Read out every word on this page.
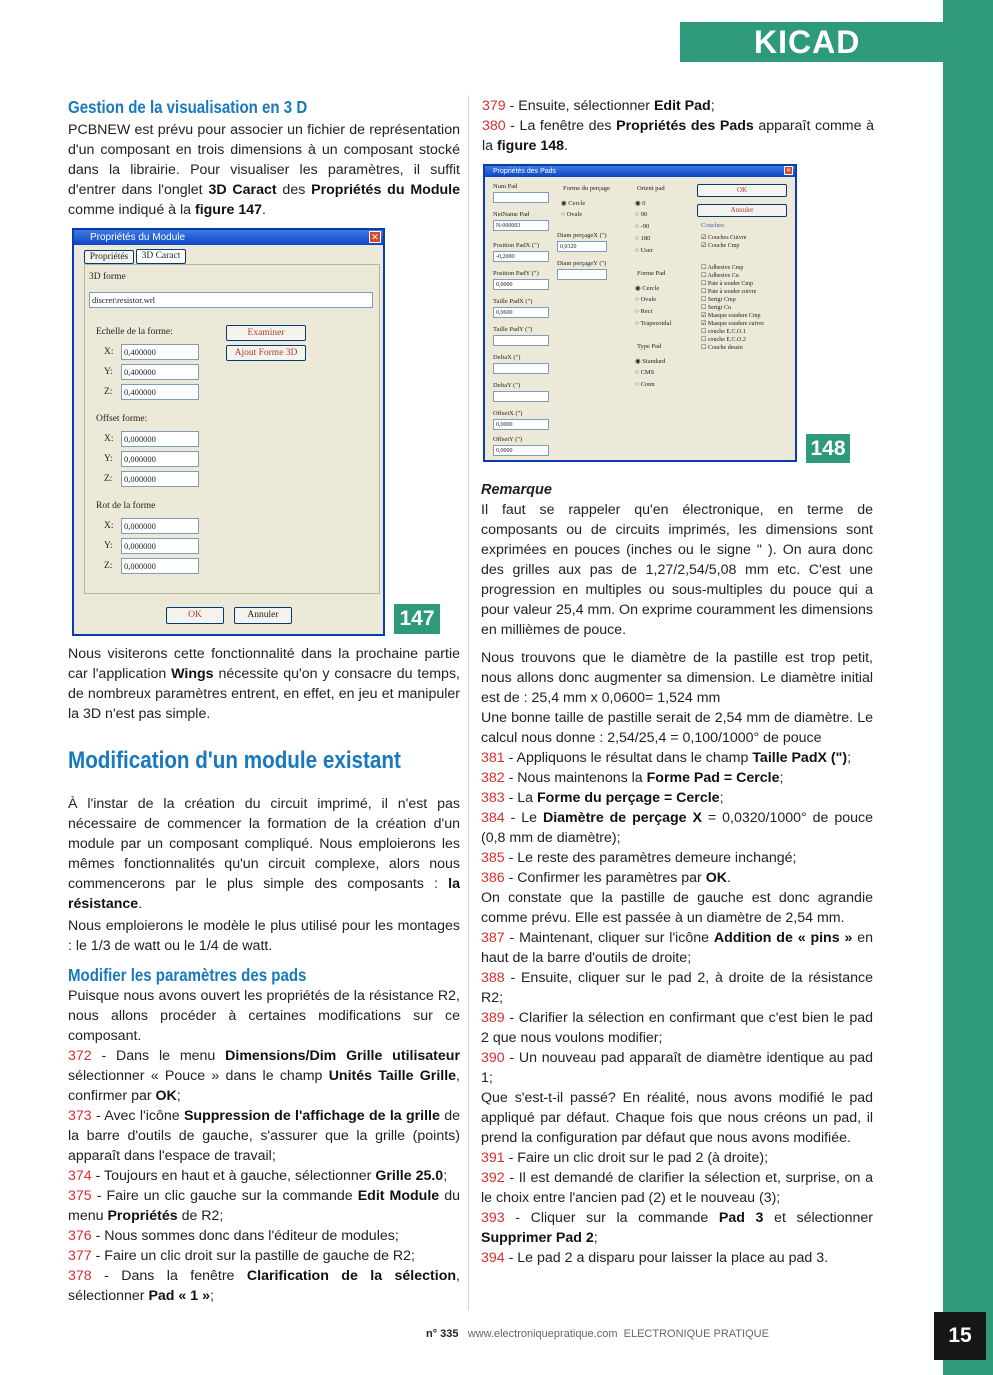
KICAD
Gestion de la visualisation en 3 D

PCBNEW est prévu pour associer un fichier de représentation d'un composant en trois dimensions à un composant stocké dans la librairie. Pour visualiser les paramètres, il suffit d'entrer dans l'onglet 3D Caract des Propriétés du Module comme indiqué à la figure 147.

Nous visiterons cette fonctionnalité dans la prochaine partie car l'application Wings nécessite qu'on y consacre du temps, de nombreux paramètres entrent, en effet, en jeu et manipuler la 3D n'est pas simple.

Modification d'un module existant

À l'instar de la création du circuit imprimé, il n'est pas nécessaire de commencer la formation de la création d'un module par un composant compliqué. Nous emploierons les mêmes fonctionnalités qu'un circuit complexe, alors nous commencerons par le plus simple des composants : la résistance.

Nous emploierons le modèle le plus utilisé pour les montages : le 1/3 de watt ou le 1/4 de watt.

Modifier les paramètres des pads

Puisque nous avons ouvert les propriétés de la résistance R2, nous allons procéder à certaines modifications sur ce composant.

372 - Dans le menu Dimensions/Dim Grille utilisateur sélectionner « Pouce » dans le champ Unités Taille Grille, confirmer par OK;

373 - Avec l'icône Suppression de l'affichage de la grille de la barre d'outils de gauche, s'assurer que la grille (points) apparaît dans l'espace de travail;

374 - Toujours en haut et à gauche, sélectionner Grille 25.0;

375 - Faire un clic gauche sur la commande Edit Module du menu Propriétés de R2;

376 - Nous sommes donc dans l'éditeur de modules;

377 - Faire un clic droit sur la pastille de gauche de R2;

378 - Dans la fenêtre Clarification de la sélection, sélectionner Pad « 1 »;

Propriétés du Module	✕
Propriétés	3D Caract
3D forme
discret\resistor.wrl
Echelle de la forme:	Examiner
Ajout Forme 3D
X:	0,400000
Y:	0,400000
Z:	0,400000
Offset forme:
X:	0,000000
Y:	0,000000
Z:	0,000000
Rot de la forme
X:	0,000000
Y:	0,000000
Z:	0,000000
OK	Annuler	147

379 - Ensuite, sélectionner Edit Pad;

380 - La fenêtre des Propriétés des Pads apparaît comme à la figure 148.

Propriétés des Pads	✕
Num Pad
NetName Pad
N-000003
Position PadX (")
-0,2000
Position PadY (")
0,0000
Taille PadX (")
0,0600
Taille PadY (")
DeltaX (")
DeltaY (")
OffsetX (")
0,0000
OffsetY (")
0,0000
Forme du perçage
◉ Cercle
○ Ovale
Diam perçageX (")
0,0320
Diam perçageY (")
Orient pad
◉ 0
○ 90
○ -90
○ 180
○ User
Forme Pad
◉ Cercle
○ Ovale
○ Rect
○ Trapezoidal
Type Pad
◉ Standard
○ CMS
○ Conn
OK
Annuler
Couches:
☑ Couches Cuivre
☑ Couche Cmp
☐ Adhesive Cmp
☐ Adhesive Cu
☐ Pate à souder Cmp
☐ Pate à souder cuivre
☐ Serigr Cmp
☐ Serigr Cu
☑ Masque soudure Cmp
☑ Masque soudure cuivre
☐ couche E.C.O.1
☐ couche E.C.O.2
☐ Couche dessin
148

Remarque

Il faut se rappeler qu'en électronique, en terme de composants ou de circuits imprimés, les dimensions sont exprimées en pouces (inches ou le signe " ). On aura donc des grilles aux pas de 1,27/2,54/5,08 mm etc. C'est une progression en multiples ou sous-multiples du pouce qui a pour valeur 25,4 mm. On exprime couramment les dimensions en millièmes de pouce.

Nous trouvons que le diamètre de la pastille est trop petit, nous allons donc augmenter sa dimension. Le diamètre initial est de : 25,4 mm x 0,0600= 1,524 mm

Une bonne taille de pastille serait de 2,54 mm de diamètre. Le calcul nous donne : 2,54/25,4 = 0,100/1000° de pouce

381 - Appliquons le résultat dans le champ Taille PadX (");

382 - Nous maintenons la Forme Pad = Cercle;

383 - La Forme du perçage = Cercle;

384 - Le Diamètre de perçage X = 0,0320/1000° de pouce (0,8 mm de diamètre);

385 - Le reste des paramètres demeure inchangé;

386 - Confirmer les paramètres par OK.

On constate que la pastille de gauche est donc agrandie comme prévu. Elle est passée à un diamètre de 2,54 mm.

387 - Maintenant, cliquer sur l'icône Addition de « pins » en haut de la barre d'outils de droite;

388 - Ensuite, cliquer sur le pad 2, à droite de la résistance R2;

389 - Clarifier la sélection en confirmant que c'est bien le pad 2 que nous voulons modifier;

390 - Un nouveau pad apparaît de diamètre identique au pad 1;

Que s'est-t-il passé? En réalité, nous avons modifié le pad appliqué par défaut. Chaque fois que nous créons un pad, il prend la configuration par défaut que nous avons modifiée.

391 - Faire un clic droit sur le pad 2 (à droite);

392 - Il est demandé de clarifier la sélection et, surprise, on a le choix entre l'ancien pad (2) et le nouveau (3);

393 - Cliquer sur la commande Pad 3 et sélectionner Supprimer Pad 2;

394 - Le pad 2 a disparu pour laisser la place au pad 3.

n° 335 www.electroniquepratique.com ELECTRONIQUE PRATIQUE	15
